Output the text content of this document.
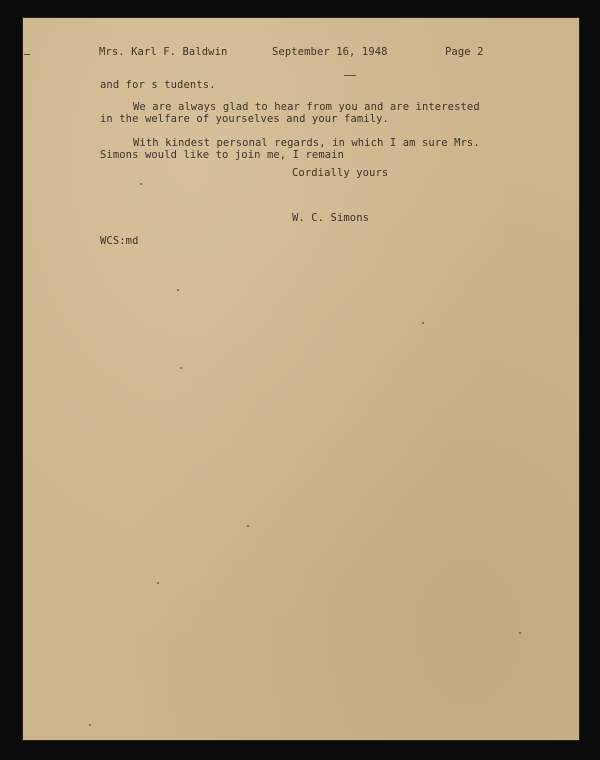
Mrs. Karl F. Baldwin	September 16, 1948	Page 2
and for s tudents.
We are always glad to hear from you and are interested
in the welfare of yourselves and your family.
With kindest personal regards, in which I am sure Mrs.
Simons would like to join me, I remain
Cordially yours
W. C. Simons
WCS:md
